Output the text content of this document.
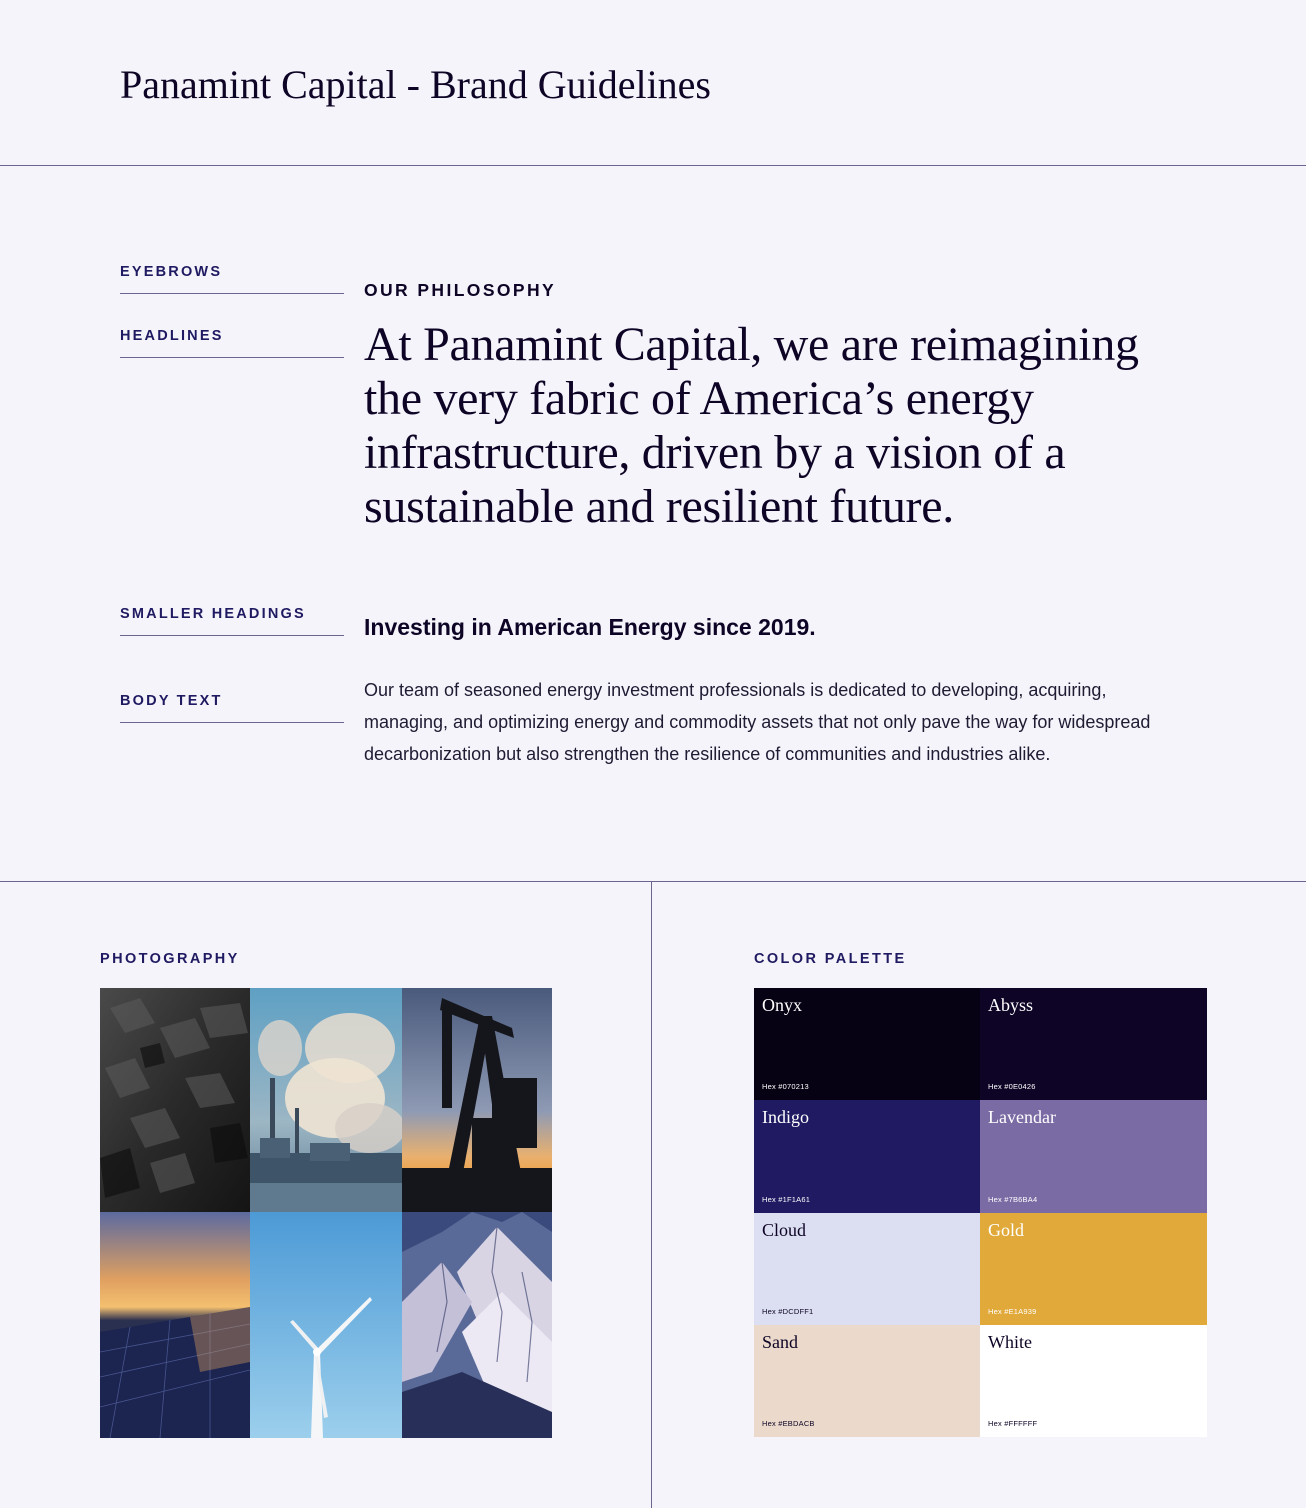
Panamint Capital - Brand Guidelines
EYEBROWS
HEADLINES
SMALLER HEADINGS
BODY TEXT
OUR PHILOSOPHY
At Panamint Capital, we are reimagining the very fabric of America’s energy infrastructure, driven by a vision of a sustainable and resilient future.
Investing in American Energy since 2019.

Our team of seasoned energy investment professionals is dedicated to developing, acquiring, managing, and optimizing energy and commodity assets that not only pave the way for widespread decarbonization but also strengthen the resilience of communities and industries alike.

PHOTOGRAPHY	COLOR PALETTE
Onyx
Hex #070213
Abyss
Hex #0E0426
Indigo
Hex #1F1A61
Lavendar
Hex #7B6BA4
Cloud
Hex #DCDFF1
Gold
Hex #E1A939
Sand
Hex #EBDACB
White
Hex #FFFFFF
